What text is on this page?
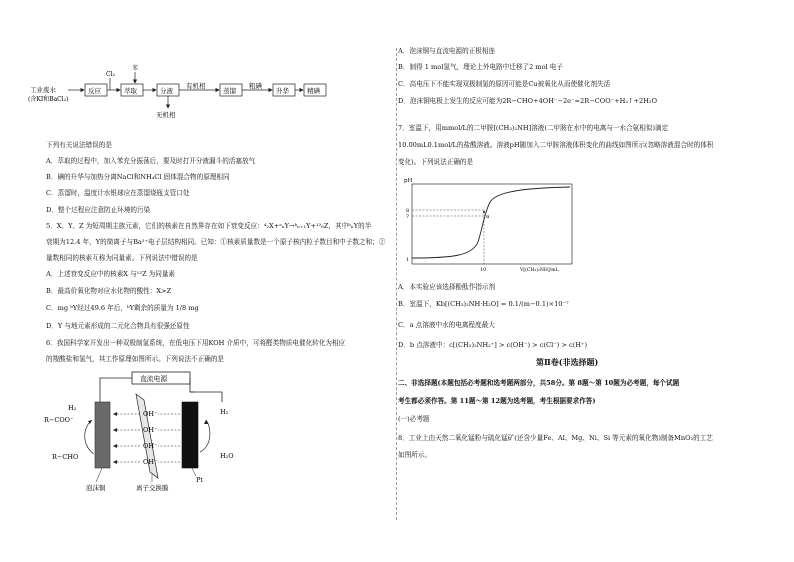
工业废水
(含KI和BaCl₂)
反应
Cl₂
萃取
苯
分液
无机相
有机相
蒸馏
粗碘
升华	精碘
下列有关说法错误的是
A．萃取的过程中，加入苯充分振荡后，要及时打开分液漏斗的活塞放气
B．碘的升华与加热分离NaCl和NH₄Cl 固体混合物的原理相同
C．蒸馏时，温度计水银球应在蒸馏烧瓶支管口处
D．整个过程应注意防止环境的污染
5．X、Y、Z 为短周期主族元素，它们的核素在自然界存在如下衰变反应：⁴₂X+ᵃₙY→ᵇₙ₊₁Y+¹²₆Z，其中ᵇₙY的半
衰期为12.4 年，Y的简离子与Ba²⁺电子层结构相同。已知：①核素质量数是一个原子核内粒子数目和中子数之和；②
量数相同的核素互称为同量素。下列说法中错误的是
A．上述衰变反应中的核素X 与¹²Z 为同量素
B．最高价氧化物对应水化物的酸性：X>Z
C．mg ᵇY经过49.6 年后，ᵇY剩余的质量为 1/8 mg
D．Y 与地元素形成的二元化合物具有很强还原性
6．我国科学家开发出一种双极制氢系统，在低电压下用KOH 介质中，可将醛类物质电催化转化为相应
的羧酸盐和氢气，其工作原理如图所示。下列说法不正确的是
直流电源
OH⁻
OH⁻
OH⁻
OH⁻
H₂
R−COO⁻
R−CHO
H₂
H₂O
泡沫铜	离子交换膜
Pt
A．泡沫铜与直流电源的正极相连
B．制得 1 mol氢气，理论上外电路中迁移了2 mol 电子
C．高电压下不能实现双极制氢的原因可能是Cu被氧化从而使催化剂失活
D．泡沫铜电极上发生的反应可能为2R−CHO+4OH⁻−2e⁻=2R−COO⁻+H₂↑+2H₂O
7．室温下，用mmol/L的二甲胺[(CH₃)₂NH]溶液(二甲胺在水中的电离与一水合氨相似)滴定
10.00mL0.1mol/L的盐酸溶液。溶液pH随加入二甲胺溶液体积变化的曲线如图所示(忽略溶液混合时的体积
变化)。下列说法正确的是
pH
8
7
1
a
10	V[(CH₃)₂NH]/mL
A．本实验应该选择酚酞作指示剂
B．室温下，Kb[(CH₃)₂NH·H₂O] = 0.1/(m−0.1)×10⁻⁷
C．a 点溶液中水的电离程度最大
D．b 点溶液中：c[(CH₃)₂NH₂⁺] > c(OH⁻) > c(Cl⁻) > c(H⁺)
第Ⅱ卷(非选择题)
二、非选择题(本题包括必考题和选考题两部分，共58分。第 8题～第 10题为必考题，每个试题
考生都必须作答。第 11题～第 12题为选考题，考生根据要求作答)
(一)必考题
8．工业上由天然二氧化锰粉与硫化锰矿(还含少量Fe、Al、Mg、Ni、Si 等元素的氧化物)制备MnO₂的工艺
如图所示。
